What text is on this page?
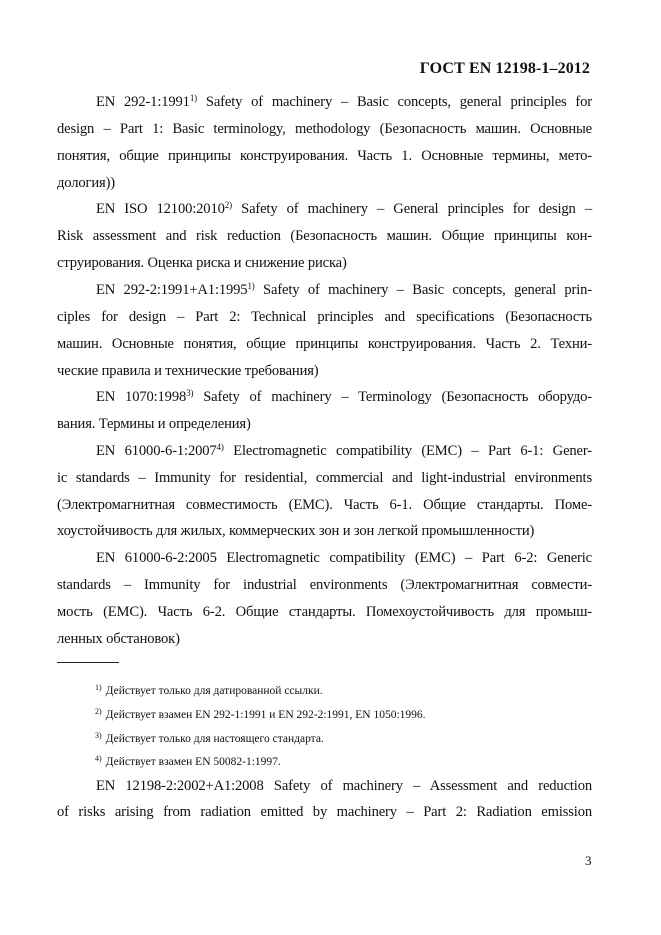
ГОСТ EN 12198-1–2012
EN 292-1:1991$^{1)}$ Safety of machinery – Basic concepts, general principles for
design – Part 1: Basic terminology, methodology (Безопасность машин. Основные
понятия, общие принципы конструирования. Часть 1. Основные термины, мето-
дология))
EN ISO 12100:2010$^{2)}$ Safety of machinery – General principles for design –
Risk assessment and risk reduction (Безопасность машин. Общие принципы кон-
струирования. Оценка риска и снижение риска)
EN $292-2:1991+A1:1995^{1)}$ Safety of machinery – Basic concepts, general prin-
ciples for design – Part 2: Technical principles and specifications (Безопасность
машин. Основные понятия, общие принципы конструирования. Часть 2. Техни-
ческие правила и технические требования)
EN 1070:1998$^{3)}$ Safety of machinery – Terminology (Безопасность оборудо-
вания. Термины и определения)
EN 61000-6-1:2007$^{4)}$ Electromagnetic compatibility (EMC) – Part 6-1: Gener-
ic standards – Immunity for residential, commercial and light-industrial environments
(Электромагнитная совместимость (ЕМС). Часть 6-1. Общие стандарты. Поме-
хоустойчивость для жилых, коммерческих зон и зон легкой промышленности)
EN 61000-6-2:2005 Electromagnetic compatibility (EMC) – Part 6-2: Generic
standards – Immunity for industrial environments (Электромагнитная совмести-
мость (ЕМС). Часть 6-2. Общие стандарты. Помехоустойчивость для промыш-
ленных обстановок)
$^{1)}$ Действует только для датированной ссылки.
$^{2)}$ Действует взамен EN 292-1:1991 и EN 292-2:1991, EN 1050:1996.
$^{3)}$ Действует только для настоящего стандарта.
$^{4)}$ Действует взамен EN 50082-1:1997.
EN 12198-2:2002+A1:2008 Safety of machinery – Assessment and reduction
of risks arising from radiation emitted by machinery – Part 2: Radiation emission
3
